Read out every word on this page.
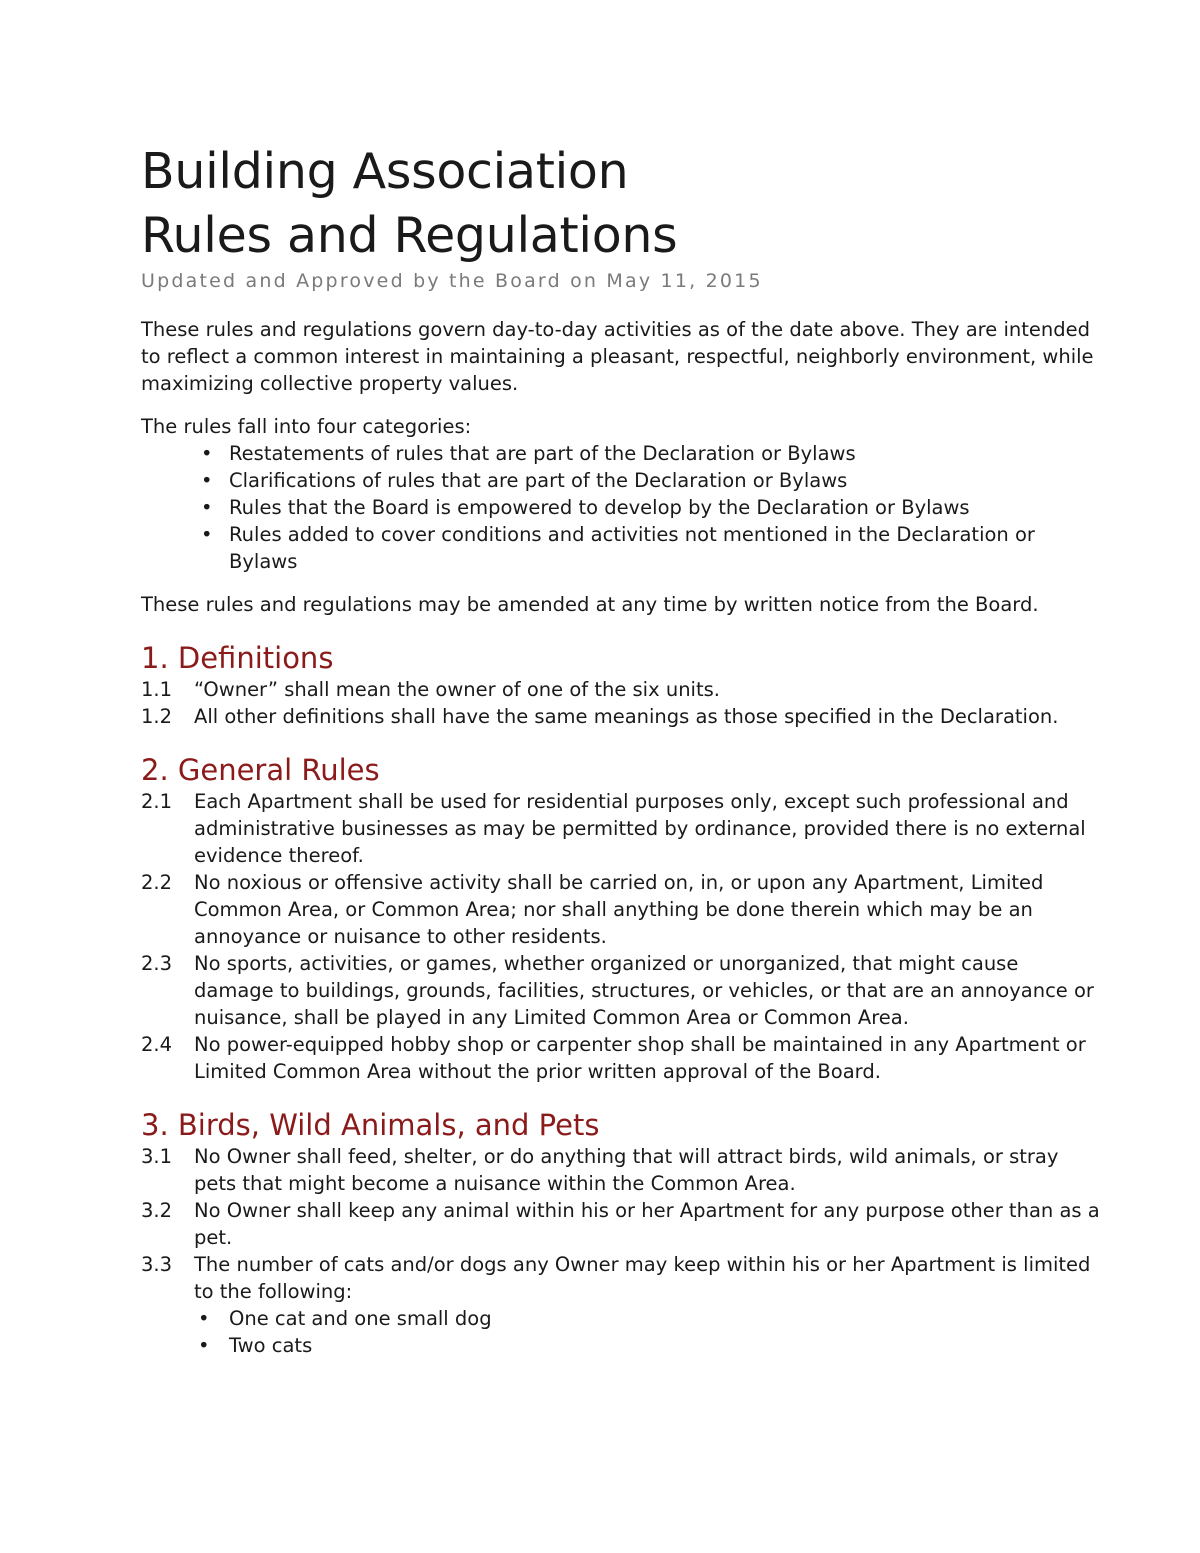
Building Association
Rules and Regulations

Updated and Approved by the Board on May 11, 2015

These rules and regulations govern day-to-day activities as of the date above. They are intended to reflect a common interest in maintaining a pleasant, respectful, neighborly environment, while maximizing collective property values.

The rules fall into four categories:

• Restatements of rules that are part of the Declaration or Bylaws
• Clarifications of rules that are part of the Declaration or Bylaws
• Rules that the Board is empowered to develop by the Declaration or Bylaws
• Rules added to cover conditions and activities not mentioned in the Declaration or Bylaws

These rules and regulations may be amended at any time by written notice from the Board.

1. Definitions
1.1 “Owner” shall mean the owner of one of the six units.
1.2 All other definitions shall have the same meanings as those specified in the Declaration.
2. General Rules
2.1 Each Apartment shall be used for residential purposes only, except such professional and administrative businesses as may be permitted by ordinance, provided there is no external evidence thereof.
2.2 No noxious or offensive activity shall be carried on, in, or upon any Apartment, Limited Common Area, or Common Area; nor shall anything be done therein which may be an annoyance or nuisance to other residents.
2.3 No sports, activities, or games, whether organized or unorganized, that might cause damage to buildings, grounds, facilities, structures, or vehicles, or that are an annoyance or nuisance, shall be played in any Limited Common Area or Common Area.
2.4 No power-equipped hobby shop or carpenter shop shall be maintained in any Apartment or Limited Common Area without the prior written approval of the Board.
3. Birds, Wild Animals, and Pets
3.1 No Owner shall feed, shelter, or do anything that will attract birds, wild animals, or stray pets that might become a nuisance within the Common Area.
3.2 No Owner shall keep any animal within his or her Apartment for any purpose other than as a pet.
3.3 The number of cats and/or dogs any Owner may keep within his or her Apartment is limited to the following:
• One cat and one small dog
• Two cats
